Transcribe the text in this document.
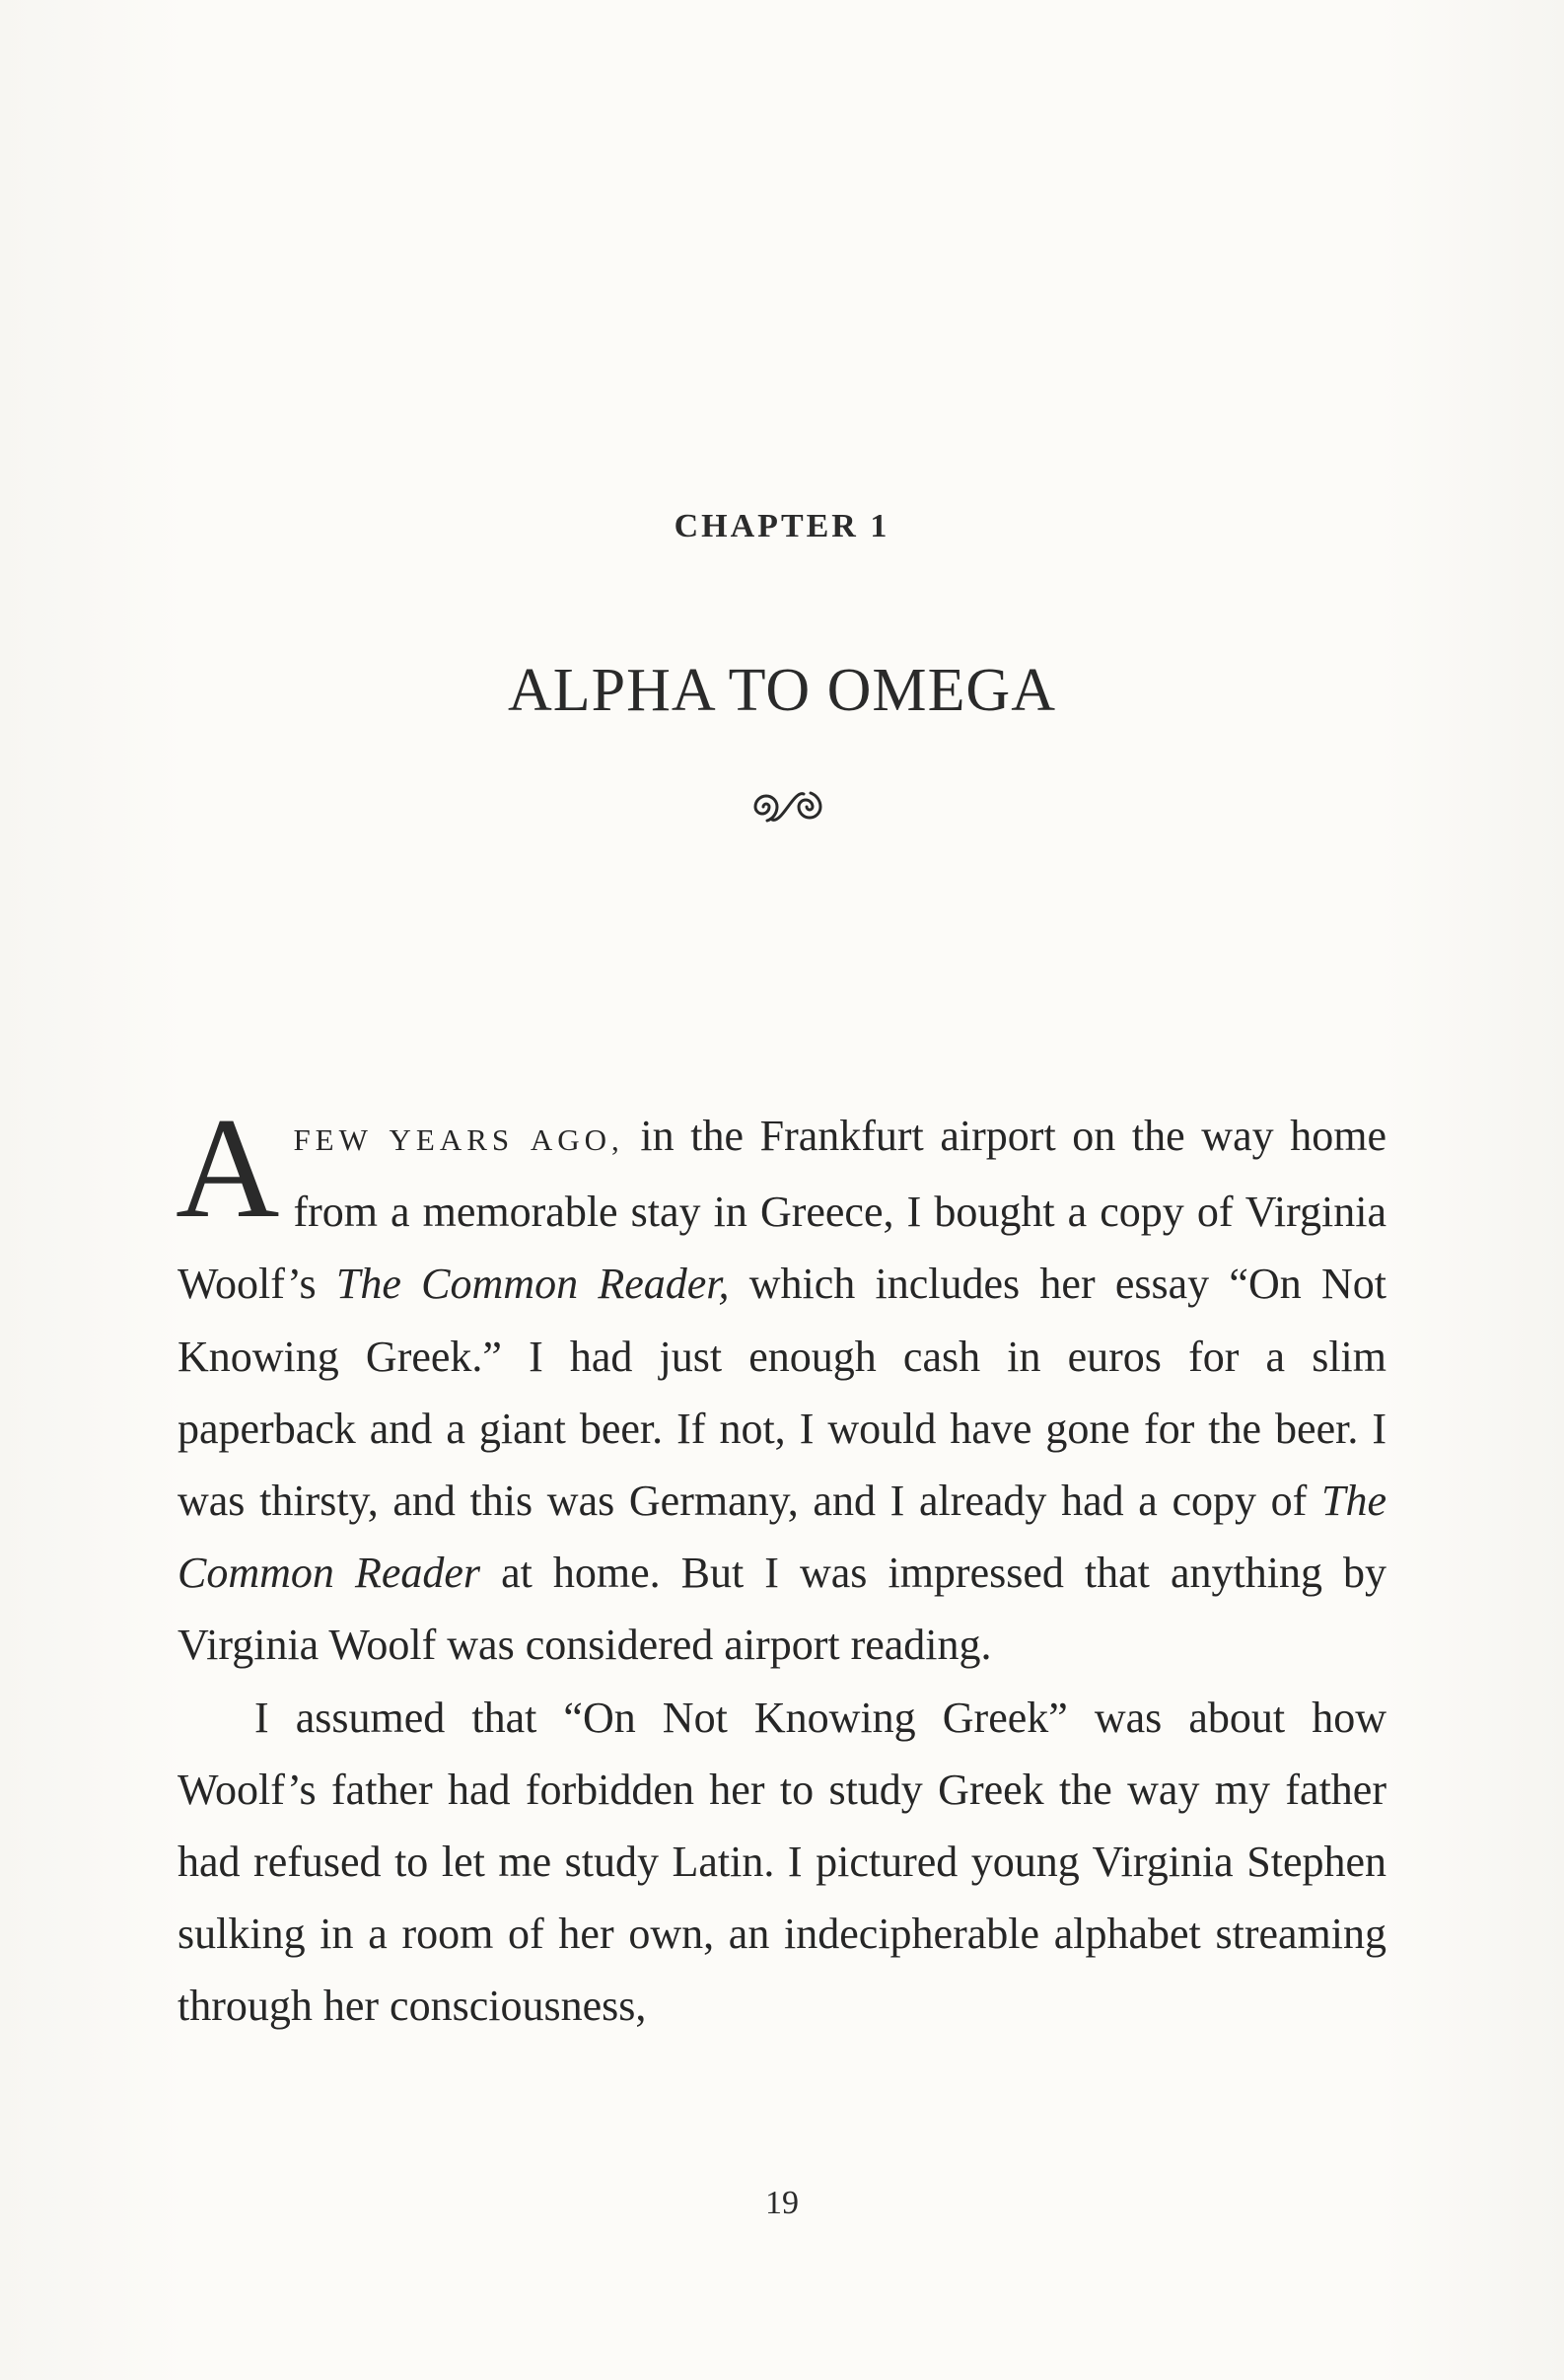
CHAPTER 1
ALPHA TO OMEGA

AFEW YEARS AGO, in the Frankfurt airport on the way home from a memorable stay in Greece, I bought a copy of Virginia Woolf’s The Common Reader, which includes her essay “On Not Knowing Greek.” I had just enough cash in euros for a slim paperback and a giant beer. If not, I would have gone for the beer. I was thirsty, and this was Germany, and I already had a copy of The Common Reader at home. But I was impressed that anything by Virginia Woolf was considered airport reading.

I assumed that “On Not Knowing Greek” was about how Woolf’s father had forbidden her to study Greek the way my father had refused to let me study Latin. I pictured young Virginia Stephen sulking in a room of her own, an indecipherable alphabet streaming through her consciousness,

19
